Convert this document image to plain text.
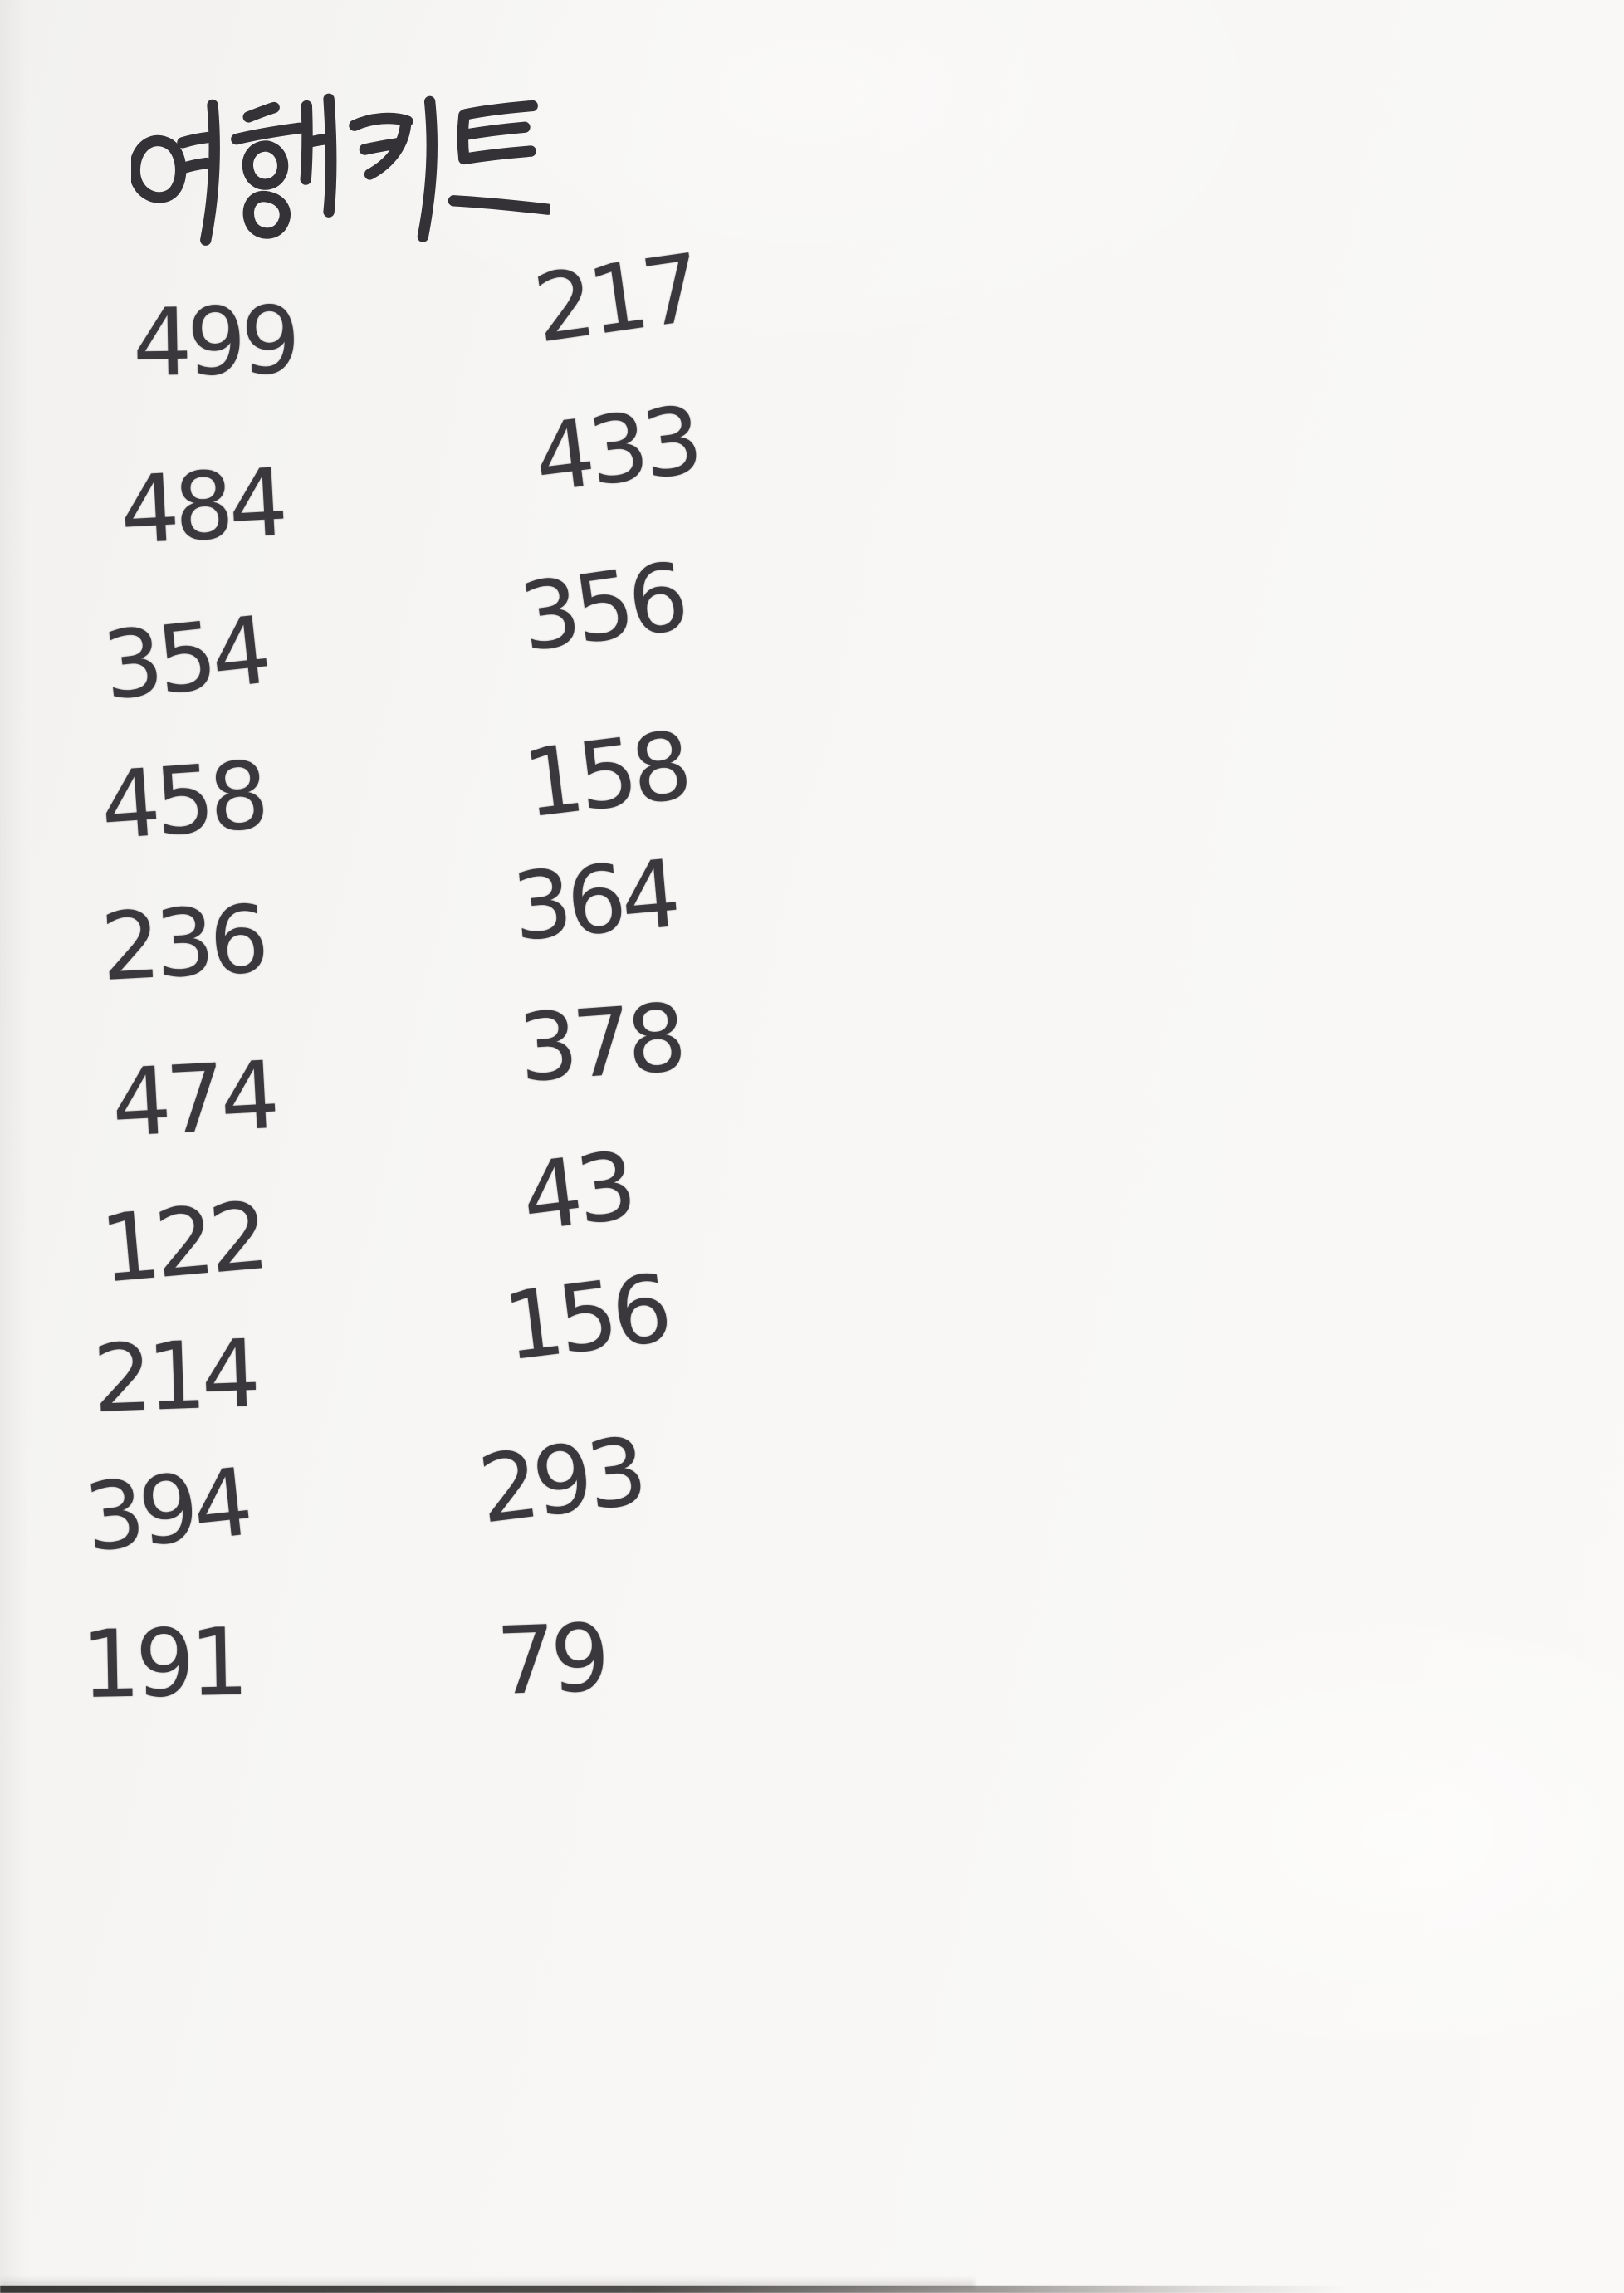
499
484
354
458
236
474
122
214
394
191
217
433
356
158
364
378
43
156
293
79
